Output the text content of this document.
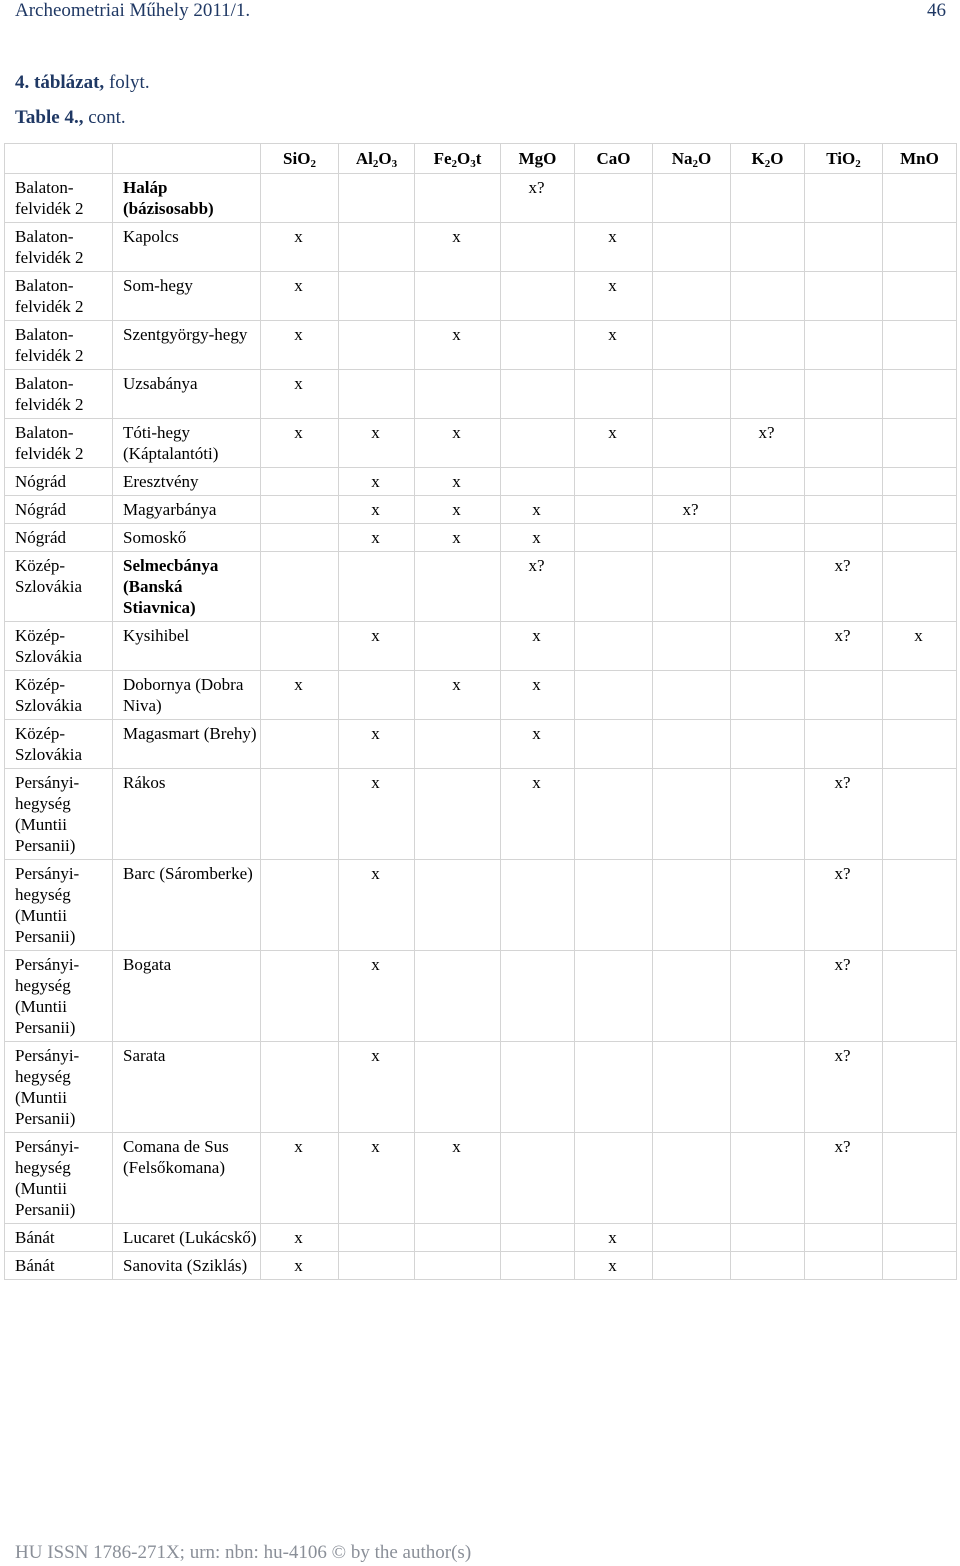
Archeometriai Műhely 2011/1.	46
4. táblázat, folyt.
Table 4., cont.
		SiO$_2$	$Al_2O_3$	$Fe_2O_3t$	MgO	CaO	$Na_2O$	$K_2O$	TiO$_2$	MnO
Balaton-felvidék 2	Haláp (bázisosabb)				x?					
Balaton-felvidék 2	Kapolcs	x		x		x				
Balaton-felvidék 2	Som-hegy	x				x				
Balaton-felvidék 2	Szentgyörgy-hegy	x		x		x				
Balaton-felvidék 2	Uzsabánya	x								
Balaton-felvidék 2	Tóti-hegy (Káptalantóti)	x	x	x		x		x?		
Nógrád	Eresztvény		x	x						
Nógrád	Magyarbánya		x	x	x		x?			
Nógrád	Somoskő		x	x	x					
Közép-Szlovákia	Selmecbánya (Banská Stiavnica)				x?				x?	
Közép-Szlovákia	Kysihibel		x		x				x?	x
Közép-Szlovákia	Dobornya (Dobra Niva)	x		x	x					
Közép-Szlovákia	Magasmart (Brehy)		x		x					
Persányi-hegység (Muntii Persanii)	Rákos		x		x				x?	
Persányi-hegység (Muntii Persanii)	Barc (Sáromberke)		x						x?	
Persányi-hegység (Muntii Persanii)	Bogata		x						x?	
Persányi-hegység (Muntii Persanii)	Sarata		x						x?	
Persányi-hegység (Muntii Persanii)	Comana de Sus (Felsőkomana)	x	x	x					x?	
Bánát	Lucaret (Lukácskő)	x				x				
Bánát	Sanovita (Sziklás)	x				x				
HU ISSN 1786-271X; urn: nbn: hu-4106 © by the author(s)
